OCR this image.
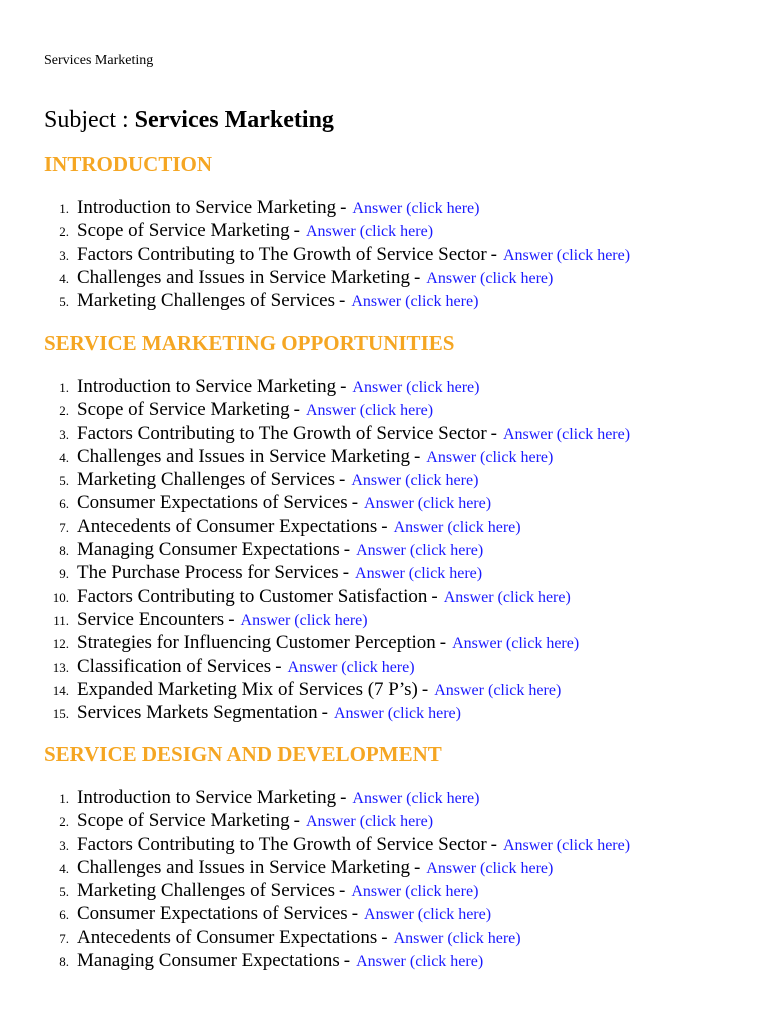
Services Marketing
Subject : Services Marketing
INTRODUCTION
1. Introduction to Service Marketing - Answer (click here)
2. Scope of Service Marketing - Answer (click here)
3. Factors Contributing to The Growth of Service Sector - Answer (click here)
4. Challenges and Issues in Service Marketing - Answer (click here)
5. Marketing Challenges of Services - Answer (click here)
SERVICE MARKETING OPPORTUNITIES
1. Introduction to Service Marketing - Answer (click here)
2. Scope of Service Marketing - Answer (click here)
3. Factors Contributing to The Growth of Service Sector - Answer (click here)
4. Challenges and Issues in Service Marketing - Answer (click here)
5. Marketing Challenges of Services - Answer (click here)
6. Consumer Expectations of Services - Answer (click here)
7. Antecedents of Consumer Expectations - Answer (click here)
8. Managing Consumer Expectations - Answer (click here)
9. The Purchase Process for Services - Answer (click here)
10. Factors Contributing to Customer Satisfaction - Answer (click here)
11. Service Encounters - Answer (click here)
12. Strategies for Influencing Customer Perception - Answer (click here)
13. Classification of Services - Answer (click here)
14. Expanded Marketing Mix of Services (7 P’s) - Answer (click here)
15. Services Markets Segmentation - Answer (click here)
SERVICE DESIGN AND DEVELOPMENT
1. Introduction to Service Marketing - Answer (click here)
2. Scope of Service Marketing - Answer (click here)
3. Factors Contributing to The Growth of Service Sector - Answer (click here)
4. Challenges and Issues in Service Marketing - Answer (click here)
5. Marketing Challenges of Services - Answer (click here)
6. Consumer Expectations of Services - Answer (click here)
7. Antecedents of Consumer Expectations - Answer (click here)
8. Managing Consumer Expectations - Answer (click here)
